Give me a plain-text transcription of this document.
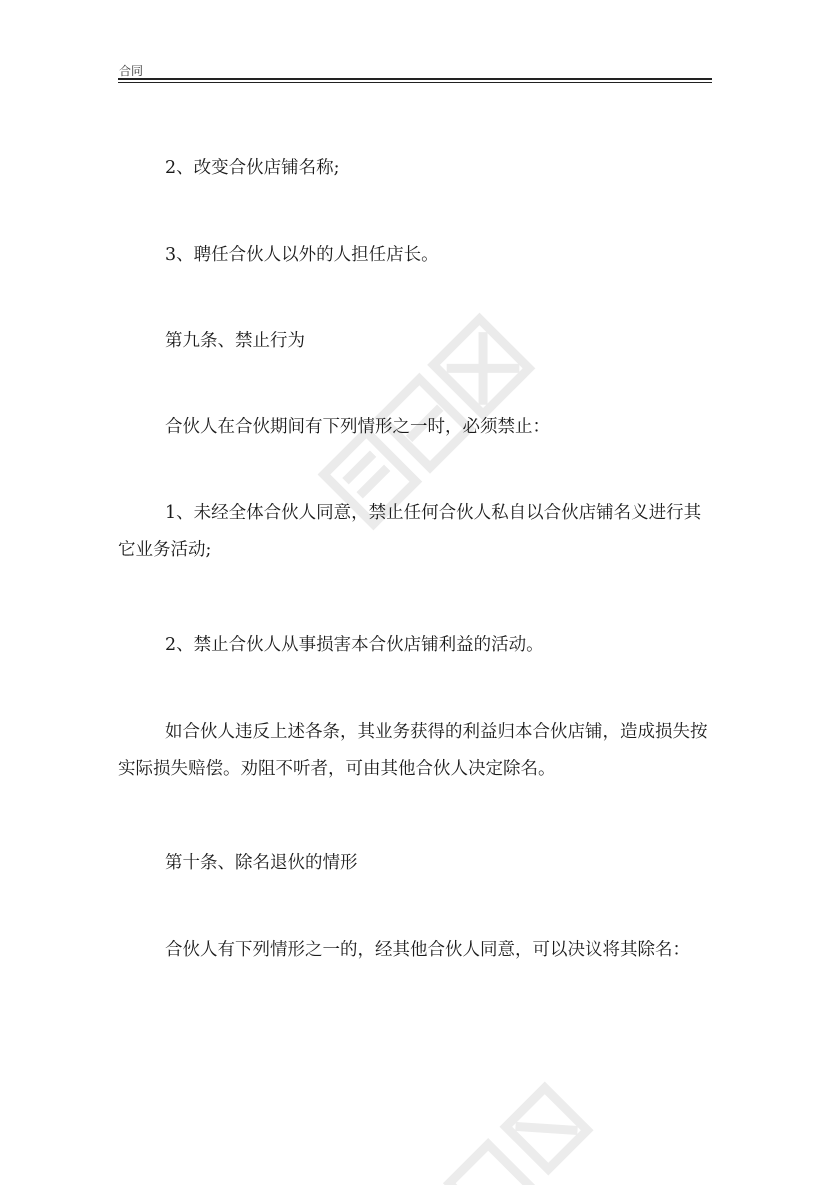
合同

2、改变合伙店铺名称;

3、聘任合伙人以外的人担任店长。

第九条、禁止行为

合伙人在合伙期间有下列情形之一时，必须禁止：

1、未经全体合伙人同意，禁止任何合伙人私自以合伙店铺名义进行其它业务活动;

2、禁止合伙人从事损害本合伙店铺利益的活动。

如合伙人违反上述各条，其业务获得的利益归本合伙店铺，造成损失按实际损失赔偿。劝阻不听者，可由其他合伙人决定除名。

第十条、除名退伙的情形

合伙人有下列情形之一的，经其他合伙人同意，可以决议将其除名：
